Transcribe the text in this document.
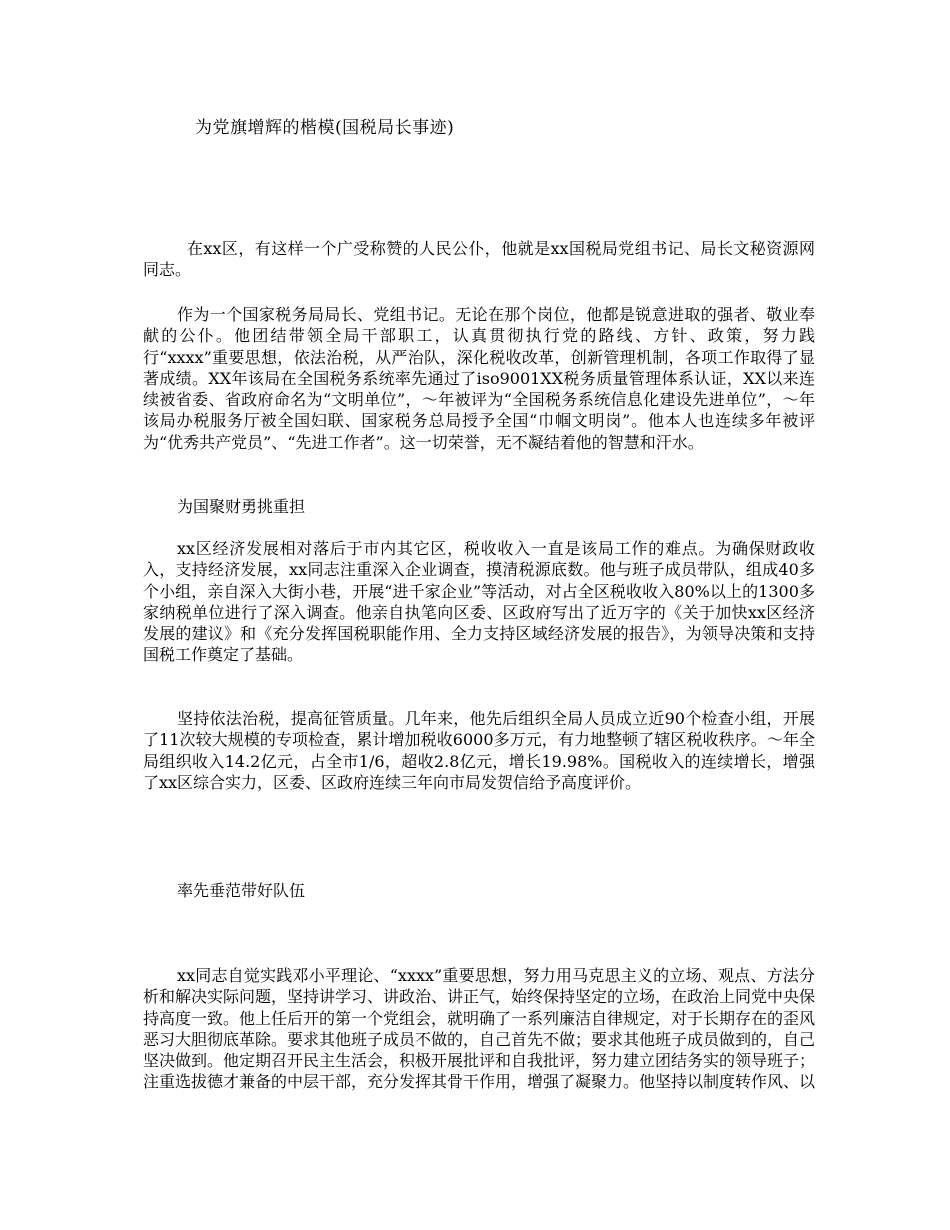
为党旗增辉的楷模(国税局长事迹)

在xx区，有这样一个广受称赞的人民公仆，他就是xx国税局党组书记、局长文秘资源网同志。

作为一个国家税务局局长、党组书记。无论在那个岗位，他都是锐意进取的强者、敬业奉献的公仆。他团结带领全局干部职工，认真贯彻执行党的路线、方针、政策，努力践行“xxxx”重要思想，依法治税，从严治队，深化税收改革，创新管理机制，各项工作取得了显著成绩。XX年该局在全国税务系统率先通过了iso9001XX税务质量管理体系认证，XX以来连续被省委、省政府命名为“文明单位”，～年被评为“全国税务系统信息化建设先进单位”，～年该局办税服务厅被全国妇联、国家税务总局授予全国“巾帼文明岗”。他本人也连续多年被评为“优秀共产党员”、“先进工作者”。这一切荣誉，无不凝结着他的智慧和汗水。

为国聚财勇挑重担

xx区经济发展相对落后于市内其它区，税收收入一直是该局工作的难点。为确保财政收入，支持经济发展，xx同志注重深入企业调查，摸清税源底数。他与班子成员带队，组成40多个小组，亲自深入大街小巷，开展“进千家企业”等活动，对占全区税收收入80%以上的1300多家纳税单位进行了深入调查。他亲自执笔向区委、区政府写出了近万字的《关于加快xx区经济发展的建议》和《充分发挥国税职能作用、全力支持区域经济发展的报告》，为领导决策和支持国税工作奠定了基础。

坚持依法治税，提高征管质量。几年来，他先后组织全局人员成立近90个检查小组，开展了11次较大规模的专项检查，累计增加税收6000多万元，有力地整顿了辖区税收秩序。～年全局组织收入14.2亿元，占全市1/6，超收2.8亿元，增长19.98%。国税收入的连续增长，增强了xx区综合实力，区委、区政府连续三年向市局发贺信给予高度评价。

率先垂范带好队伍

xx同志自觉实践邓小平理论、“xxxx”重要思想，努力用马克思主义的立场、观点、方法分析和解决实际问题，坚持讲学习、讲政治、讲正气，始终保持坚定的立场，在政治上同党中央保持高度一致。他上任后开的第一个党组会，就明确了一系列廉洁自律规定，对于长期存在的歪风恶习大胆彻底革除。要求其他班子成员不做的，自己首先不做；要求其他班子成员做到的，自己坚决做到。他定期召开民主生活会，积极开展批评和自我批评，努力建立团结务实的领导班子；注重选拔德才兼备的中层干部，充分发挥其骨干作用，增强了凝聚力。他坚持以制度转作风、以
